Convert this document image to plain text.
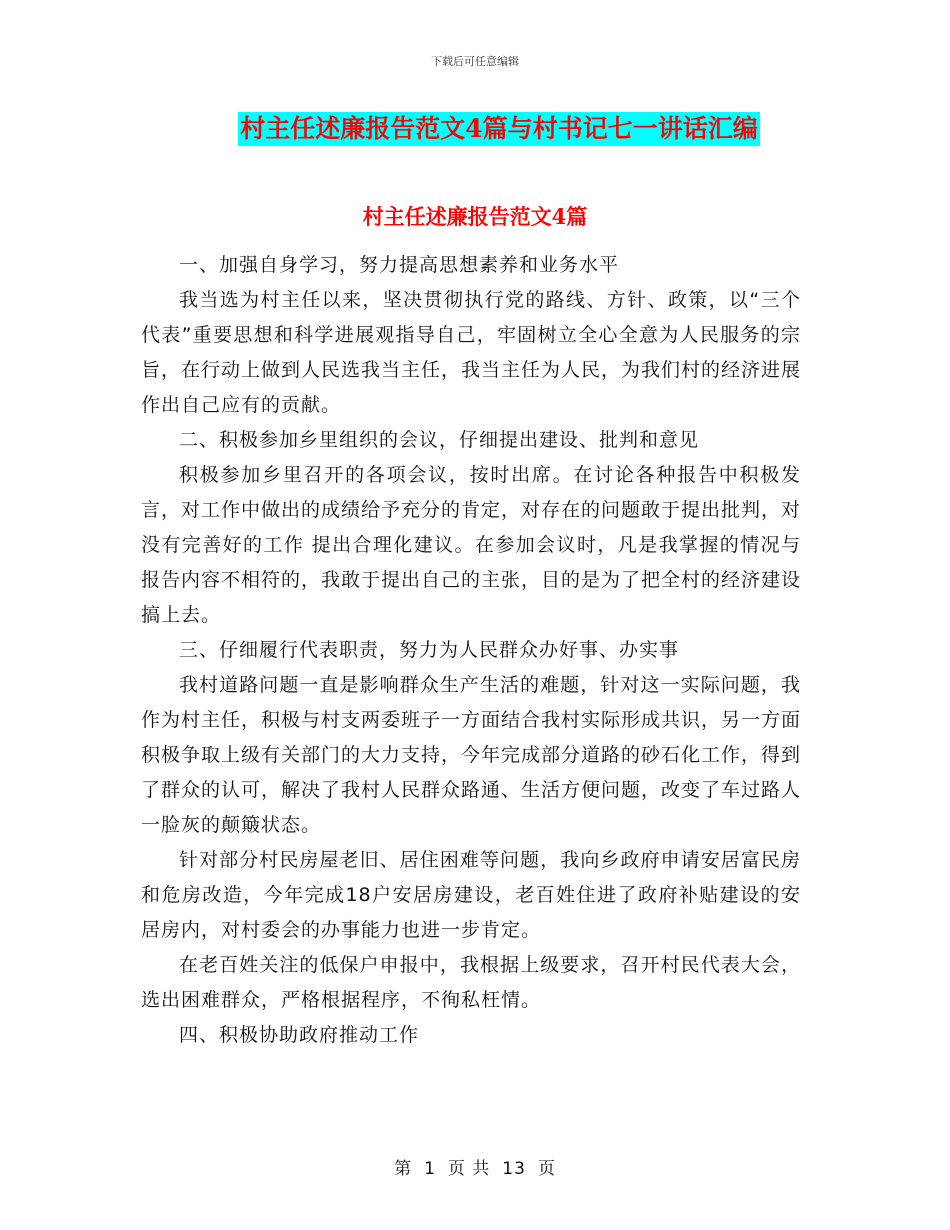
下载后可任意编辑
村主任述廉报告范文4篇与村书记七一讲话汇编
村主任述廉报告范文4篇

一、加强自身学习，努力提高思想素养和业务水平

我当选为村主任以来，坚决贯彻执行党的路线、方针、政策，以“三个代表”重要思想和科学进展观指导自己，牢固树立全心全意为人民服务的宗旨，在行动上做到人民选我当主任，我当主任为人民，为我们村的经济进展作出自己应有的贡献。

二、积极参加乡里组织的会议，仔细提出建设、批判和意见

积极参加乡里召开的各项会议，按时出席。在讨论各种报告中积极发言，对工作中做出的成绩给予充分的肯定，对存在的问题敢于提出批判，对没有完善好的工作 提出合理化建议。在参加会议时，凡是我掌握的情况与报告内容不相符的，我敢于提出自己的主张，目的是为了把全村的经济建设搞上去。

三、仔细履行代表职责，努力为人民群众办好事、办实事

我村道路问题一直是影响群众生产生活的难题，针对这一实际问题，我作为村主任，积极与村支两委班子一方面结合我村实际形成共识，另一方面积极争取上级有关部门的大力支持，今年完成部分道路的砂石化工作，得到了群众的认可，解决了我村人民群众路通、生活方便问题，改变了车过路人一脸灰的颠簸状态。

针对部分村民房屋老旧、居住困难等问题，我向乡政府申请安居富民房和危房改造，今年完成18户安居房建设，老百姓住进了政府补贴建设的安居房内，对村委会的办事能力也进一步肯定。

在老百姓关注的低保户申报中，我根据上级要求，召开村民代表大会，选出困难群众，严格根据程序，不徇私枉情。

四、积极协助政府推动工作

第 1 页 共 13 页
